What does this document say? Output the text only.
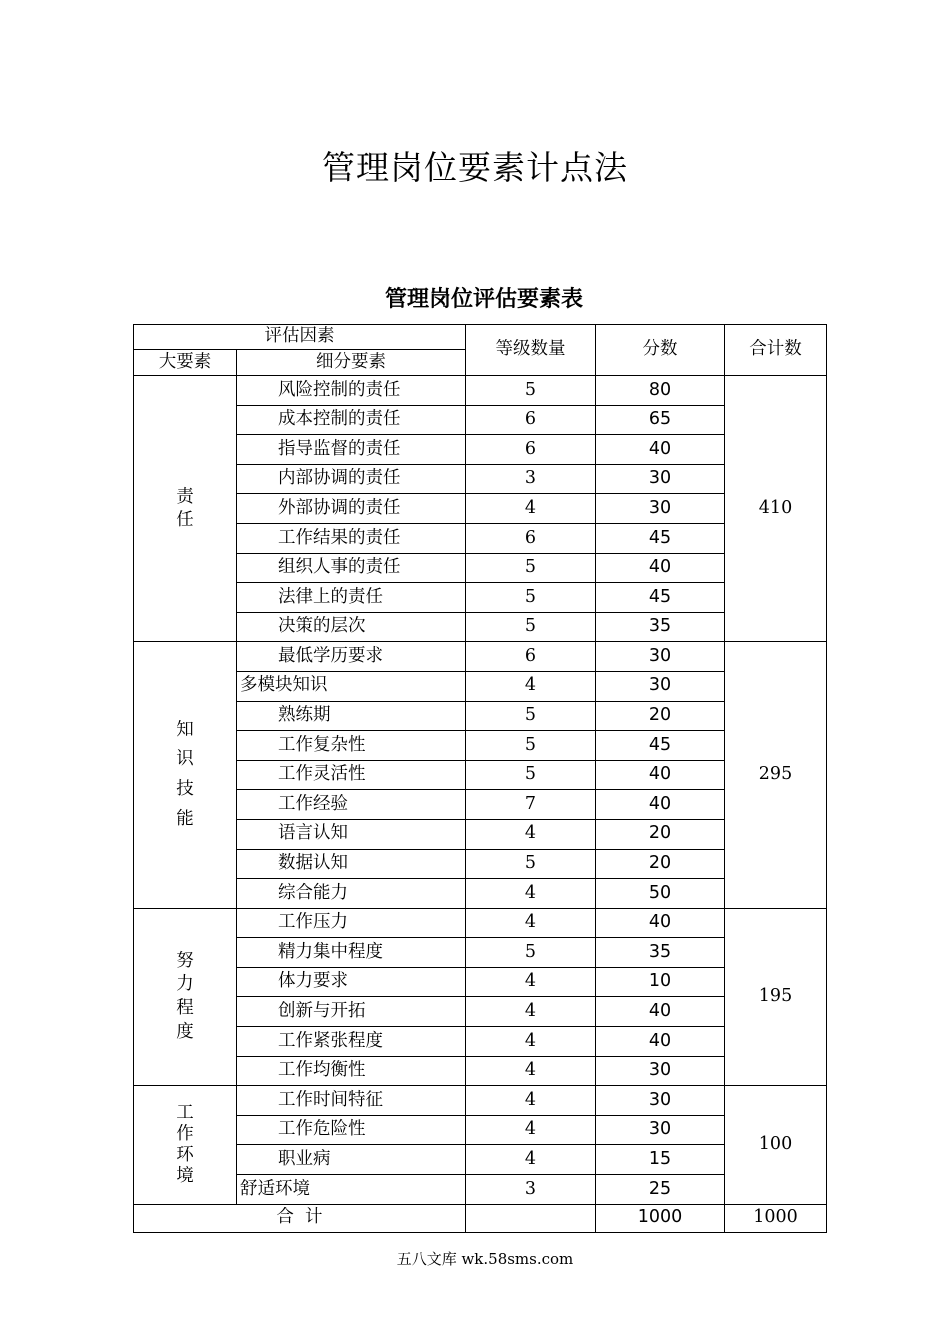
管理岗位要素计点法
管理岗位评估要素表
评估因素		等级数量	分数	合计数
大要素	细分要素			
责任	风险控制的责任	5	80	410
	成本控制的责任	6	65	
	指导监督的责任	6	40	
	内部协调的责任	3	30	
	外部协调的责任	4	30	
	工作结果的责任	6	45	
	组织人事的责任	5	40	
	法律上的责任	5	45	
	决策的层次	5	35	
知识技能	最低学历要求	6	30	295
	多模块知识	4	30	
	熟练期	5	20	
	工作复杂性	5	45	
	工作灵活性	5	40	
	工作经验	7	40	
	语言认知	4	20	
	数据认知	5	20	
	综合能力	4	50	
努力程度	工作压力	4	40	195
	精力集中程度	5	35	
	体力要求	4	10	
	创新与开拓	4	40	
	工作紧张程度	4	40	
	工作均衡性	4	30	
工作环境	工作时间特征	4	30	100
	工作危险性	4	30	
	职业病	4	15	
	舒适环境	3	25	
合  计			1000	1000
五八文库 wk.58sms.com
